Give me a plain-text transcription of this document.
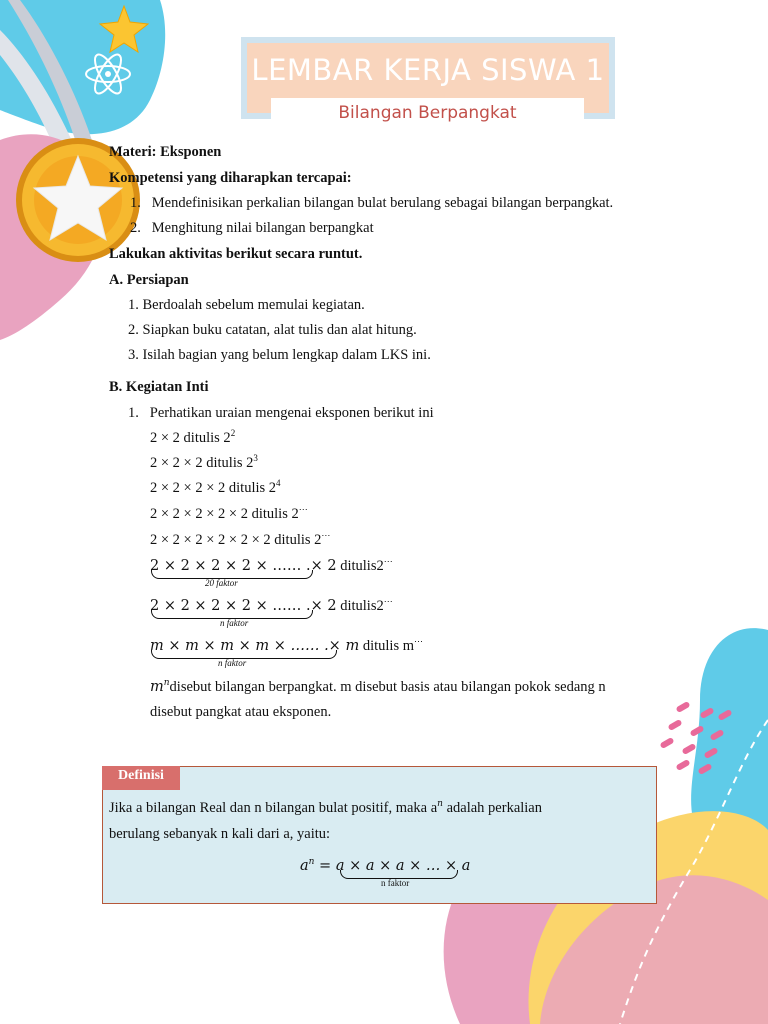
LEMBAR KERJA SISWA 1
Bilangan Berpangkat
Materi: Eksponen
Kompetensi yang diharapkan tercapai:
1. Mendefinisikan perkalian bilangan bulat berulang sebagai bilangan berpangkat.
2. Menghitung nilai bilangan berpangkat
Lakukan aktivitas berikut secara runtut.
A. Persiapan
1. Berdoalah sebelum memulai kegiatan.
2. Siapkan buku catatan, alat tulis dan alat hitung.
3. Isilah bagian yang belum lengkap dalam LKS ini.
B. Kegiatan Inti
1. Perhatikan uraian mengenai eksponen berikut ini
2 × 2 ditulis $2^2$
2 × 2 × 2 ditulis $2^3$
2 × 2 × 2 × 2 ditulis $2^4$
2 × 2 × 2 × 2 × 2 ditulis 2⋯
2 × 2 × 2 × 2 × 2 × 2 ditulis 2⋯
2 × 2 × 2 × 2 × …… .× 2 ditulis2⋯
20 faktor
2 × 2 × 2 × 2 × …… .× 2 ditulis2⋯
n faktor
m × m × m × m × …… .× m ditulis m⋯
n faktor
$m^ndisebut$ bilangan berpangkat. m disebut basis atau bilangan pokok sedang n
disebut pangkat atau eksponen.
Definisi
Jika a bilangan Real dan n bilangan bulat positif, maka $a^n$ adalah perkalian
berulang sebanyak n kali dari a, yaitu:
$a^n = a \times a \times a$ × … × a
n faktor
